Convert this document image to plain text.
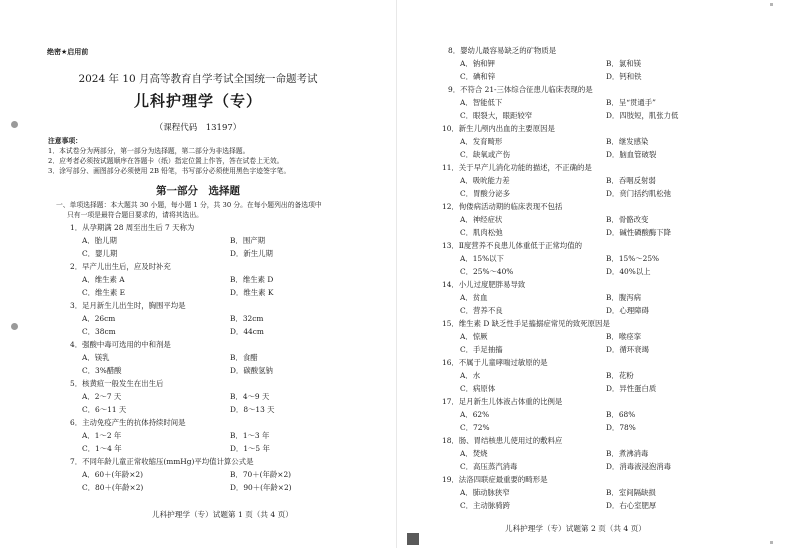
绝密★启用前
2024 年 10 月高等教育自学考试全国统一命题考试
儿科护理学（专）
（课程代码　13197）
注意事项：
1．本试卷分为两部分，第一部分为选择题，第二部分为非选择题。
2．应考者必须按试题顺序在答题卡（纸）指定位置上作答，答在试卷上无效。
3．涂写部分、画图部分必须使用 2B 铅笔，书写部分必须使用黑色字迹签字笔。
第一部分　选择题
一、单项选择题：本大题共 30 小题，每小题 1 分，共 30 分。在每小题列出的备选项中
只有一项是最符合题目要求的，请将其选出。
1．从孕期满 28 周至出生后 7 天称为
A．胎儿期	B．围产期
C．婴儿期	D．新生儿期
2．早产儿出生后，应及时补充
A．维生素 A	B．维生素 D
C．维生素 E	D．维生素 K
3．足月新生儿出生时，胸围平均是
A．26cm	B．32cm
C．38cm	D．44cm
4．强酸中毒可选用的中和剂是
A．镁乳	B．食醋
C．3%醋酸	D．碳酸氢钠
5．核黄疸一般发生在出生后
A．2～7 天	B．4～9 天
C．6～11 天	D．8～13 天
6．主动免疫产生的抗体持续时间是
A．1～2 年	B．1～3 年
C．1～4 年	D．1～5 年
7．不同年龄儿童正常收缩压(mmHg)平均值计算公式是
A．60＋(年龄×2)	B．70＋(年龄×2)
C．80＋(年龄×2)	D．90＋(年龄×2)
儿科护理学（专）试题第 1 页（共 4 页）
8．婴幼儿最容易缺乏的矿物质是
A．钠和钾	B．氯和镁
C．碘和锌	D．钙和铁
9．不符合 21-三体综合征患儿临床表现的是
A．智能低下	B．呈“贯通手”
C．眼裂大，眼距较窄	D．四肢短，肌张力低
10．新生儿颅内出血的主要原因是
A．发育畸形	B．继发感染
C．缺氧或产伤	D．脑血管破裂
11．关于早产儿消化功能的描述，不正确的是
A．吸吮能力差	B．吞咽反射弱
C．胃酸分泌多	D．贲门括约肌松弛
12．佝偻病活动期的临床表现不包括
A．神经症状	B．骨骼改变
C．肌肉松弛	D．碱性磷酸酶下降
13．Ⅱ度营养不良患儿体重低于正常均值的
A．15%以下	B．15%～25%
C．25%～40%	D．40%以上
14．小儿过度肥胖易导致
A．贫血	B．腹泻病
C．营养不良	D．心理障碍
15．维生素 D 缺乏性手足搐搦症常见的致死原因是
A．惊厥	B．喉痉挛
C．手足抽搐	D．循环衰竭
16．不属于儿童哮喘过敏原的是
A．水	B．花粉
C．病原体	D．异性蛋白质
17．足月新生儿体液占体重的比例是
A．62%	B．68%
C．72%	D．78%
18．肠、胃结核患儿使用过的敷料应
A．焚烧	B．煮沸消毒
C．高压蒸汽消毒	D．消毒液浸泡消毒
19．法洛四联症最重要的畸形是
A．肺动脉狭窄	B．室间隔缺损
C．主动脉骑跨	D．右心室肥厚
儿科护理学（专）试题第 2 页（共 4 页）
